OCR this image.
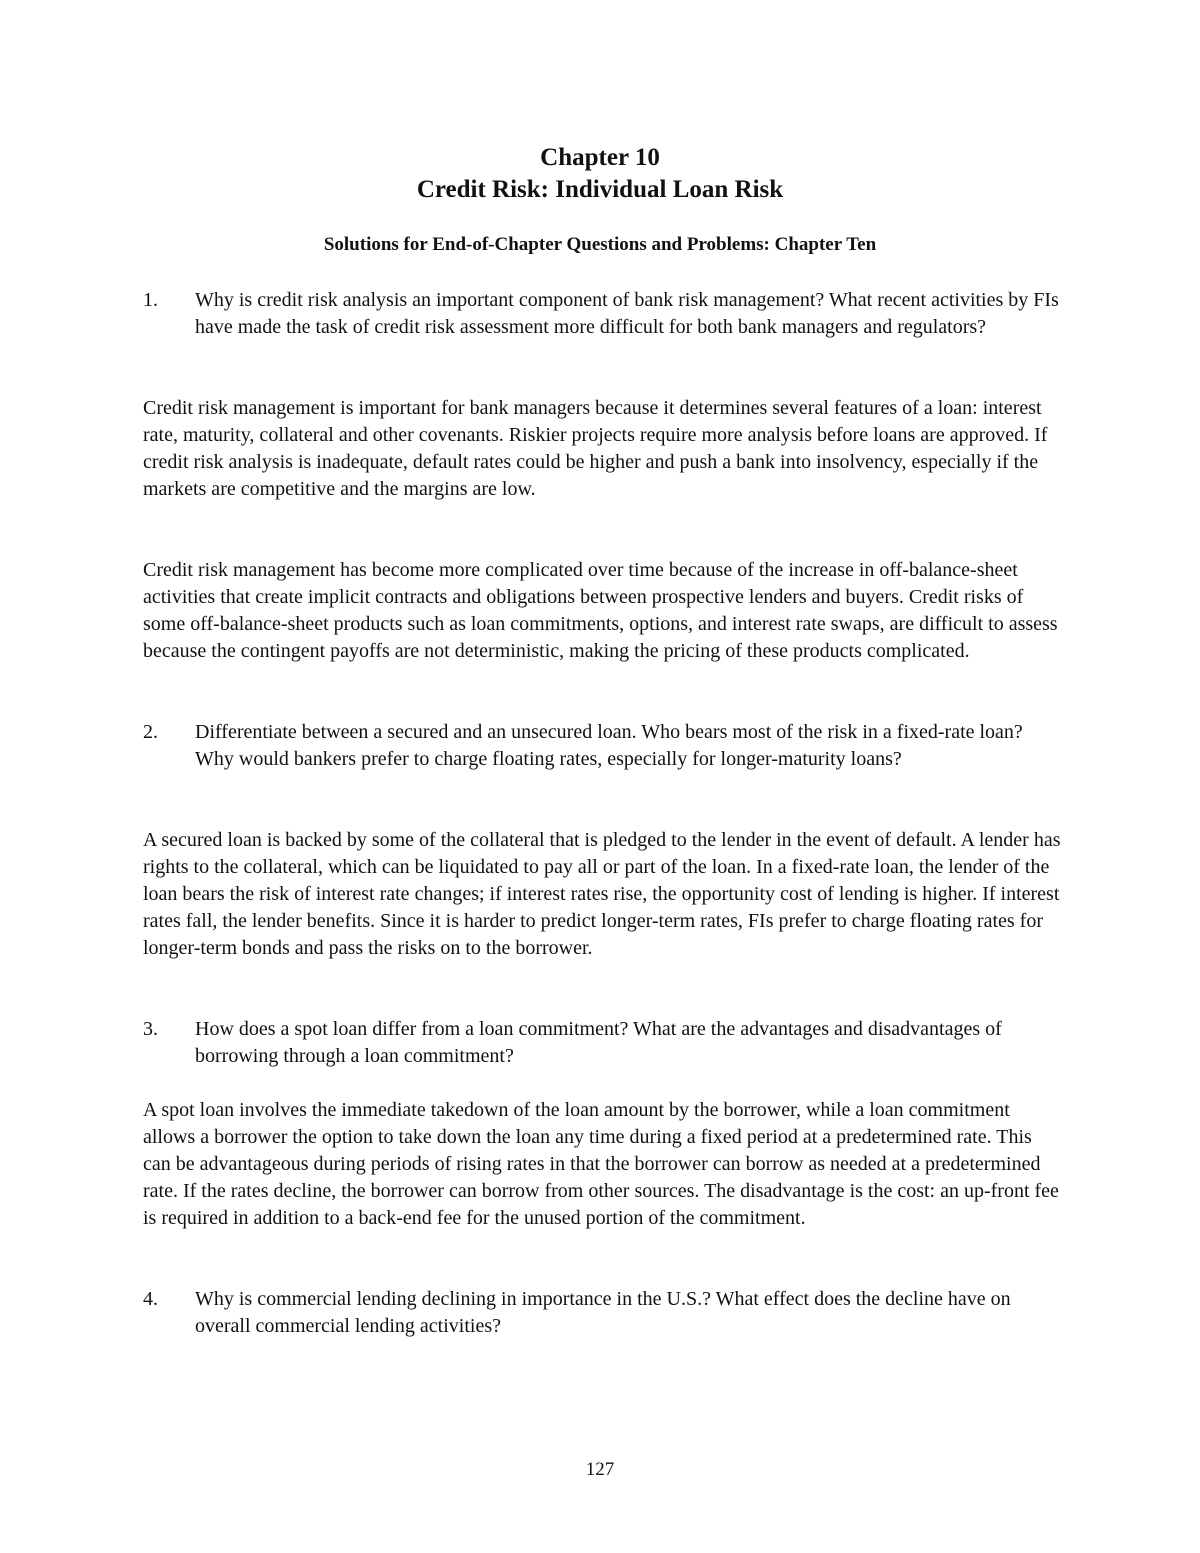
Chapter 10
Credit Risk: Individual Loan Risk
Solutions for End-of-Chapter Questions and Problems: Chapter Ten
1. Why is credit risk analysis an important component of bank risk management? What recent activities by FIs have made the task of credit risk assessment more difficult for both bank managers and regulators?

Credit risk management is important for bank managers because it determines several features of a loan: interest rate, maturity, collateral and other covenants. Riskier projects require more analysis before loans are approved. If credit risk analysis is inadequate, default rates could be higher and push a bank into insolvency, especially if the markets are competitive and the margins are low.

Credit risk management has become more complicated over time because of the increase in off-balance-sheet activities that create implicit contracts and obligations between prospective lenders and buyers. Credit risks of some off-balance-sheet products such as loan commitments, options, and interest rate swaps, are difficult to assess because the contingent payoffs are not deterministic, making the pricing of these products complicated.

2. Differentiate between a secured and an unsecured loan. Who bears most of the risk in a fixed-rate loan? Why would bankers prefer to charge floating rates, especially for longer-maturity loans?

A secured loan is backed by some of the collateral that is pledged to the lender in the event of default. A lender has rights to the collateral, which can be liquidated to pay all or part of the loan. In a fixed-rate loan, the lender of the loan bears the risk of interest rate changes; if interest rates rise, the opportunity cost of lending is higher. If interest rates fall, the lender benefits. Since it is harder to predict longer-term rates, FIs prefer to charge floating rates for longer-term bonds and pass the risks on to the borrower.

3. How does a spot loan differ from a loan commitment? What are the advantages and disadvantages of borrowing through a loan commitment?

A spot loan involves the immediate takedown of the loan amount by the borrower, while a loan commitment allows a borrower the option to take down the loan any time during a fixed period at a predetermined rate. This can be advantageous during periods of rising rates in that the borrower can borrow as needed at a predetermined rate. If the rates decline, the borrower can borrow from other sources. The disadvantage is the cost: an up-front fee is required in addition to a back-end fee for the unused portion of the commitment.

4. Why is commercial lending declining in importance in the U.S.? What effect does the decline have on overall commercial lending activities?
127
